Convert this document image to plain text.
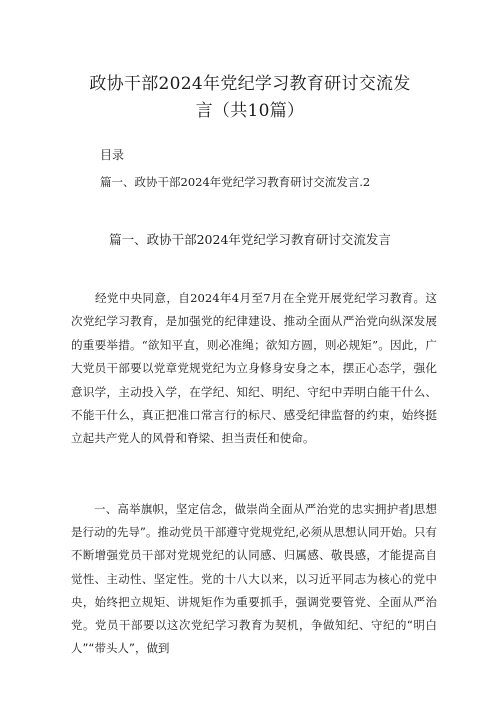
政协干部2024年党纪学习教育研讨交流发
言（共10篇）
目录
篇一、政协干部2024年党纪学习教育研讨交流发言.2
篇一、政协干部2024年党纪学习教育研讨交流发言

经党中央同意，自2024年4月至7月在全党开展党纪学习教育。这次党纪学习教育，是加强党的纪律建设、推动全面从严治党向纵深发展的重要举措。“欲知平直，则必准绳；欲知方圆，则必规矩”。因此，广大党员干部要以党章党规党纪为立身修身安身之本，摆正心态学，强化意识学，主动投入学，在学纪、知纪、明纪、守纪中弄明白能干什么、不能干什么，真正把准口常言行的标尺、感受纪律监督的约束，始终挺立起共产党人的风骨和脊梁、担当责任和使命。

一、高举旗帜，坚定信念，做崇尚全面从严治党的忠实拥护者J思想是行动的先导”。推动党员干部遵守党规党纪,必须从思想认同开始。只有不断增强党员干部对党规党纪的认同感、归属感、敬畏感，才能提高自觉性、主动性、坚定性。党的十八大以来，以习近平同志为核心的党中央，始终把立规矩、讲规矩作为重要抓手，强调党要管党、全面从严治党。党员干部要以这次党纪学习教育为契机，争做知纪、守纪的“明白人”“带头人”，做到
